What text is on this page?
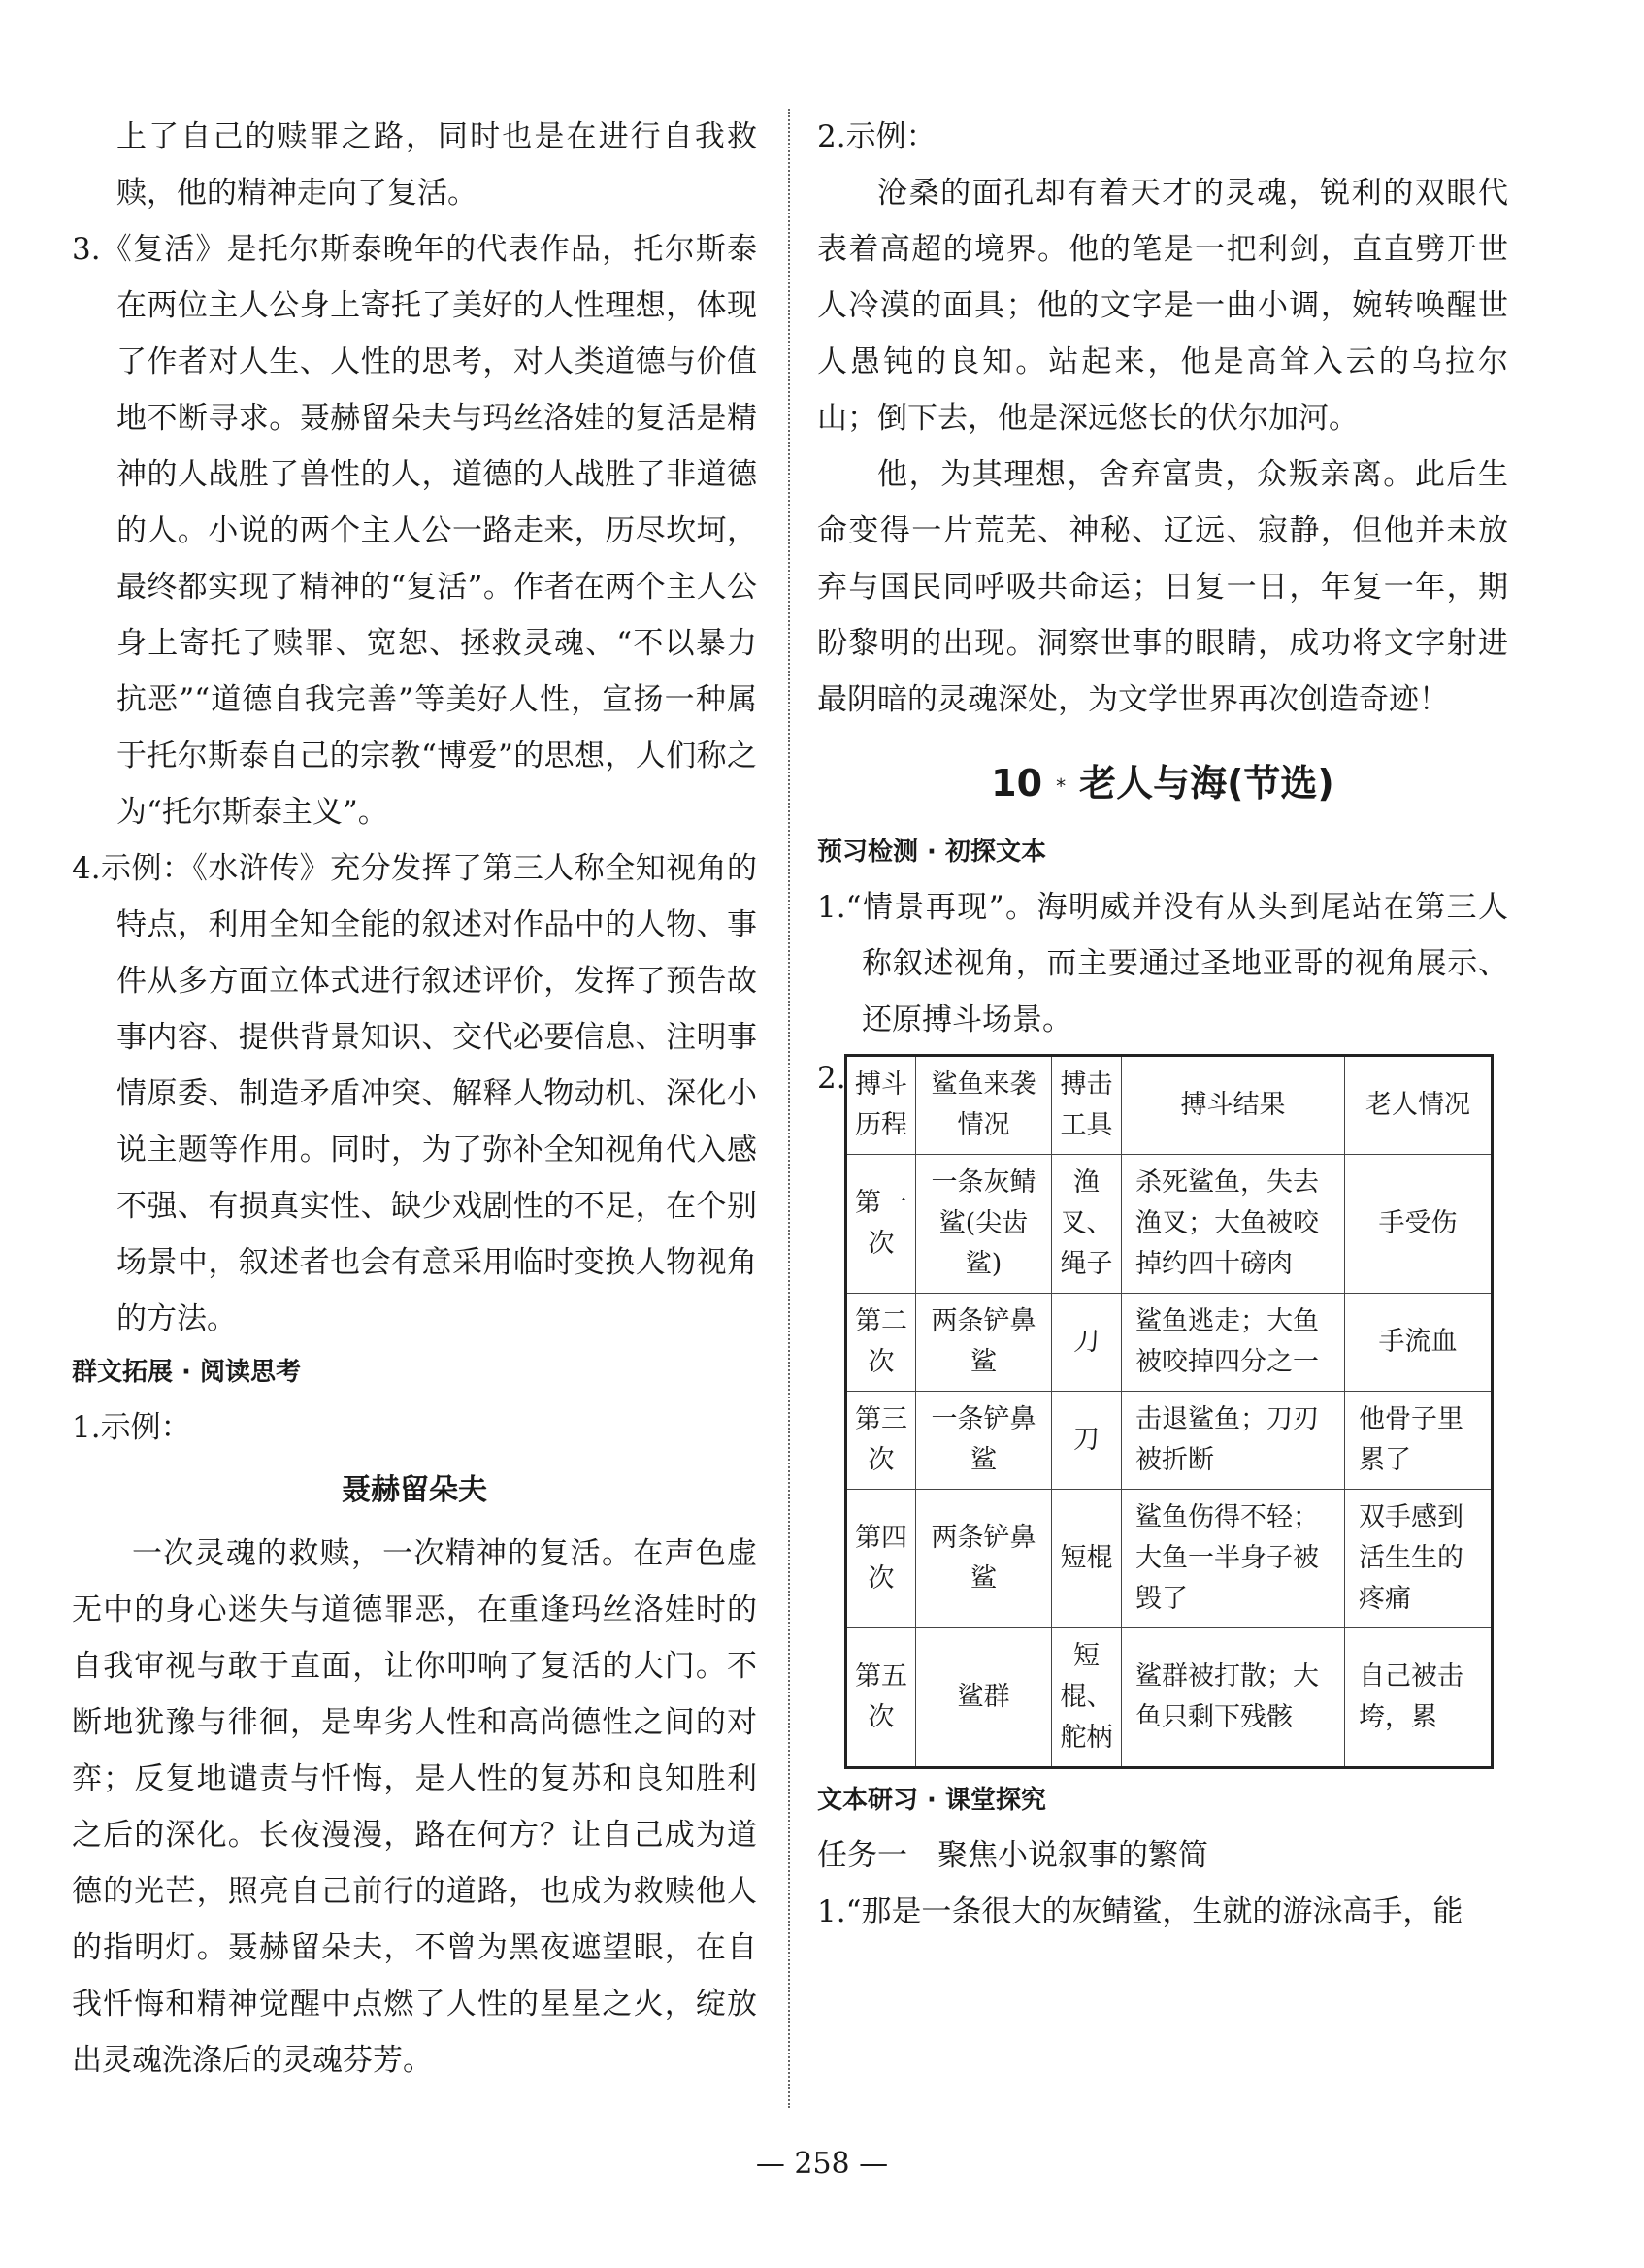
上了自己的赎罪之路，同时也是在进行自我救赎，他的精神走向了复活。

3.《复活》是托尔斯泰晚年的代表作品，托尔斯泰在两位主人公身上寄托了美好的人性理想，体现了作者对人生、人性的思考，对人类道德与价值地不断寻求。聂赫留朵夫与玛丝洛娃的复活是精神的人战胜了兽性的人，道德的人战胜了非道德的人。小说的两个主人公一路走来，历尽坎坷，最终都实现了精神的“复活”。作者在两个主人公身上寄托了赎罪、宽恕、拯救灵魂、“不以暴力抗恶”“道德自我完善”等美好人性，宣扬一种属于托尔斯泰自己的宗教“博爱”的思想，人们称之为“托尔斯泰主义”。

4.示例：《水浒传》充分发挥了第三人称全知视角的特点，利用全知全能的叙述对作品中的人物、事件从多方面立体式进行叙述评价，发挥了预告故事内容、提供背景知识、交代必要信息、注明事情原委、制造矛盾冲突、解释人物动机、深化小说主题等作用。同时，为了弥补全知视角代入感不强、有损真实性、缺少戏剧性的不足，在个别场景中，叙述者也会有意采用临时变换人物视角的方法。

群文拓展 · 阅读思考

1.示例：

聂赫留朵夫

一次灵魂的救赎，一次精神的复活。在声色虚无中的身心迷失与道德罪恶，在重逢玛丝洛娃时的自我审视与敢于直面，让你叩响了复活的大门。不断地犹豫与徘徊，是卑劣人性和高尚德性之间的对弈；反复地谴责与忏悔，是人性的复苏和良知胜利之后的深化。长夜漫漫，路在何方？让自己成为道德的光芒，照亮自己前行的道路，也成为救赎他人的指明灯。聂赫留朵夫，不曾为黑夜遮望眼，在自我忏悔和精神觉醒中点燃了人性的星星之火，绽放出灵魂洗涤后的灵魂芬芳。

2.示例：

沧桑的面孔却有着天才的灵魂，锐利的双眼代表着高超的境界。他的笔是一把利剑，直直劈开世人冷漠的面具；他的文字是一曲小调，婉转唤醒世人愚钝的良知。站起来，他是高耸入云的乌拉尔山；倒下去，他是深远悠长的伏尔加河。

他，为其理想，舍弃富贵，众叛亲离。此后生命变得一片荒芜、神秘、辽远、寂静，但他并未放弃与国民同呼吸共命运；日复一日，年复一年，期盼黎明的出现。洞察世事的眼睛，成功将文字射进最阴暗的灵魂深处，为文学世界再次创造奇迹！

10 * 老人与海(节选)
预习检测 · 初探文本

1.“情景再现”。海明威并没有从头到尾站在第三人称叙述视角，而主要通过圣地亚哥的视角展示、还原搏斗场景。

2. 搏斗历程	鲨鱼来袭情况	搏击工具	搏斗结果	老人情况
第一次	一条灰鲭鲨(尖齿鲨)	渔叉、绳子	杀死鲨鱼，失去渔叉；大鱼被咬掉约四十磅肉	手受伤
第二次	两条铲鼻鲨	刀	鲨鱼逃走；大鱼被咬掉四分之一	手流血
第三次	一条铲鼻鲨	刀	击退鲨鱼；刀刃被折断	他骨子里累了
第四次	两条铲鼻鲨	短棍	鲨鱼伤得不轻；大鱼一半身子被毁了	双手感到活生生的疼痛
第五次	鲨群	短棍、舵柄	鲨群被打散；大鱼只剩下残骸	自己被击垮，累
文本研习 · 课堂探究

任务一　聚焦小说叙事的繁简

1.“那是一条很大的灰鲭鲨，生就的游泳高手，能

— 258 —
